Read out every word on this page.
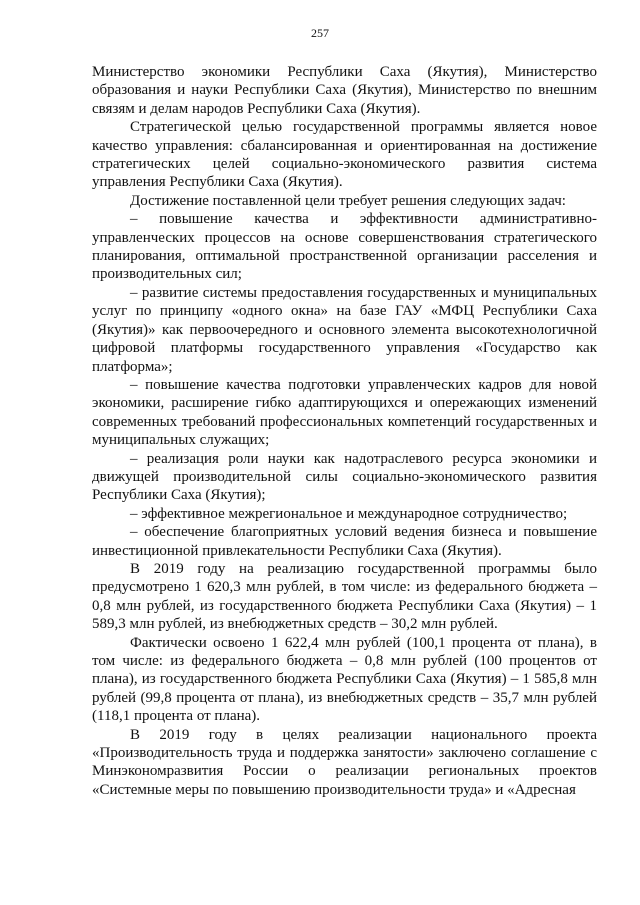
257

Министерство экономики Республики Саха (Якутия), Министерство образования и науки Республики Саха (Якутия), Министерство по внешним связям и делам народов Республики Саха (Якутия).

Стратегической целью государственной программы является новое качество управления: сбалансированная и ориентированная на достижение стратегических целей социально-экономического развития система управления Республики Саха (Якутия).

Достижение поставленной цели требует решения следующих задач:

– повышение качества и эффективности административно-управленческих процессов на основе совершенствования стратегического планирования, оптимальной пространственной организации расселения и производительных сил;

– развитие системы предоставления государственных и муниципальных услуг по принципу «одного окна» на базе ГАУ «МФЦ Республики Саха (Якутия)» как первоочередного и основного элемента высокотехнологичной цифровой платформы государственного управления «Государство как платформа»;

– повышение качества подготовки управленческих кадров для новой экономики, расширение гибко адаптирующихся и опережающих изменений современных требований профессиональных компетенций государственных и муниципальных служащих;

– реализация роли науки как надотраслевого ресурса экономики и движущей производительной силы социально-экономического развития Республики Саха (Якутия);

– эффективное межрегиональное и международное сотрудничество;

– обеспечение благоприятных условий ведения бизнеса и повышение инвестиционной привлекательности Республики Саха (Якутия).

В 2019 году на реализацию государственной программы было предусмотрено 1 620,3 млн рублей, в том числе: из федерального бюджета – 0,8 млн рублей, из государственного бюджета Республики Саха (Якутия) – 1 589,3 млн рублей, из внебюджетных средств – 30,2 млн рублей.

Фактически освоено 1 622,4 млн рублей (100,1 процента от плана), в том числе: из федерального бюджета – 0,8 млн рублей (100 процентов от плана), из государственного бюджета Республики Саха (Якутия) – 1 585,8 млн рублей (99,8 процента от плана), из внебюджетных средств – 35,7 млн рублей (118,1 процента от плана).

В 2019 году в целях реализации национального проекта «Производительность труда и поддержка занятости» заключено соглашение с Минэкономразвития России о реализации региональных проектов «Системные меры по повышению производительности труда» и «Адресная
